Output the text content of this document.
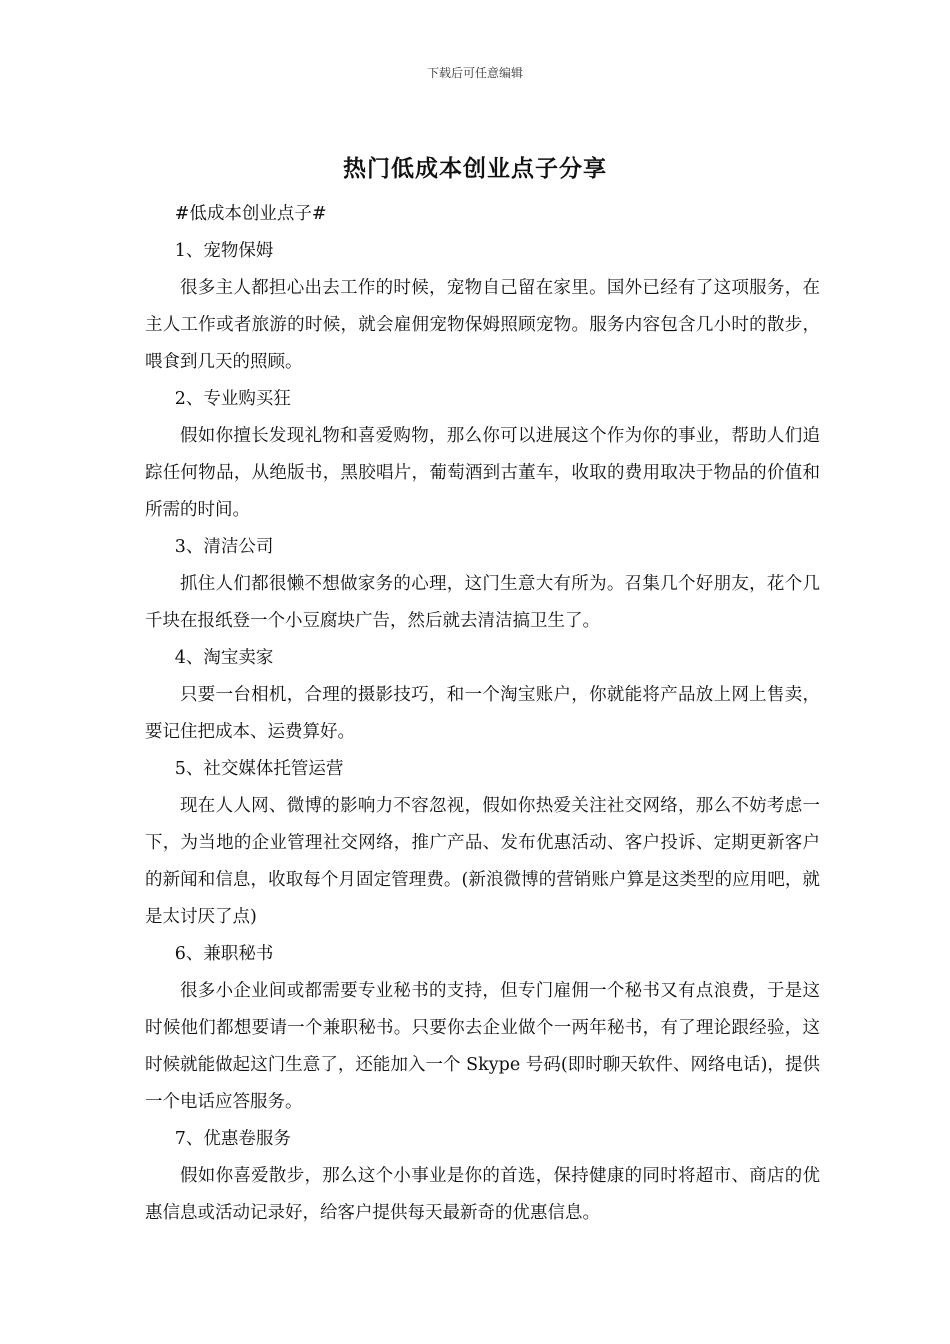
下载后可任意编辑
热门低成本创业点子分享

#低成本创业点子#

1、宠物保姆

很多主人都担心出去工作的时候，宠物自己留在家里。国外已经有了这项服务，在主人工作或者旅游的时候，就会雇佣宠物保姆照顾宠物。服务内容包含几小时的散步，喂食到几天的照顾。

2、专业购买狂

假如你擅长发现礼物和喜爱购物，那么你可以进展这个作为你的事业，帮助人们追踪任何物品，从绝版书，黑胶唱片，葡萄酒到古董车，收取的费用取决于物品的价值和所需的时间。

3、清洁公司

抓住人们都很懒不想做家务的心理，这门生意大有所为。召集几个好朋友，花个几千块在报纸登一个小豆腐块广告，然后就去清洁搞卫生了。

4、淘宝卖家

只要一台相机，合理的摄影技巧，和一个淘宝账户，你就能将产品放上网上售卖，要记住把成本、运费算好。

5、社交媒体托管运营

现在人人网、微博的影响力不容忽视，假如你热爱关注社交网络，那么不妨考虑一下，为当地的企业管理社交网络，推广产品、发布优惠活动、客户投诉、定期更新客户的新闻和信息，收取每个月固定管理费。(新浪微博的营销账户算是这类型的应用吧，就是太讨厌了点)

6、兼职秘书

很多小企业间或都需要专业秘书的支持，但专门雇佣一个秘书又有点浪费，于是这时候他们都想要请一个兼职秘书。只要你去企业做个一两年秘书，有了理论跟经验，这时候就能做起这门生意了，还能加入一个 Skype 号码(即时聊天软件、网络电话)，提供一个电话应答服务。

7、优惠卷服务

假如你喜爱散步，那么这个小事业是你的首选，保持健康的同时将超市、商店的优惠信息或活动记录好，给客户提供每天最新奇的优惠信息。
